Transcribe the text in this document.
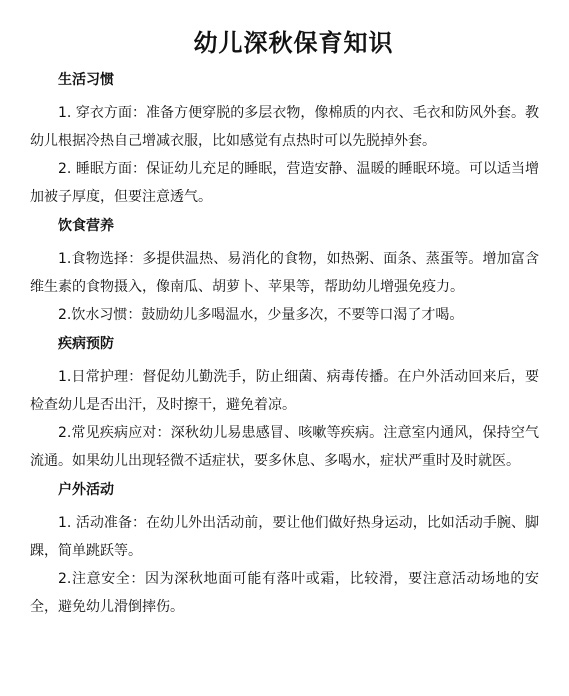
幼儿深秋保育知识
生活习惯

1. 穿衣方面：准备方便穿脱的多层衣物，像棉质的内衣、毛衣和防风外套。教幼儿根据冷热自己增减衣服，比如感觉有点热时可以先脱掉外套。

2. 睡眠方面：保证幼儿充足的睡眠，营造安静、温暖的睡眠环境。可以适当增加被子厚度，但要注意透气。

饮食营养

1.食物选择：多提供温热、易消化的食物，如热粥、面条、蒸蛋等。增加富含维生素的食物摄入，像南瓜、胡萝卜、苹果等，帮助幼儿增强免疫力。

2.饮水习惯：鼓励幼儿多喝温水，少量多次，不要等口渴了才喝。

疾病预防

1.日常护理：督促幼儿勤洗手，防止细菌、病毒传播。在户外活动回来后，要检查幼儿是否出汗，及时擦干，避免着凉。

2.常见疾病应对：深秋幼儿易患感冒、咳嗽等疾病。注意室内通风，保持空气流通。如果幼儿出现轻微不适症状，要多休息、多喝水，症状严重时及时就医。

户外活动

1. 活动准备：在幼儿外出活动前，要让他们做好热身运动，比如活动手腕、脚踝，简单跳跃等。

2.注意安全：因为深秋地面可能有落叶或霜，比较滑，要注意活动场地的安全，避免幼儿滑倒摔伤。
